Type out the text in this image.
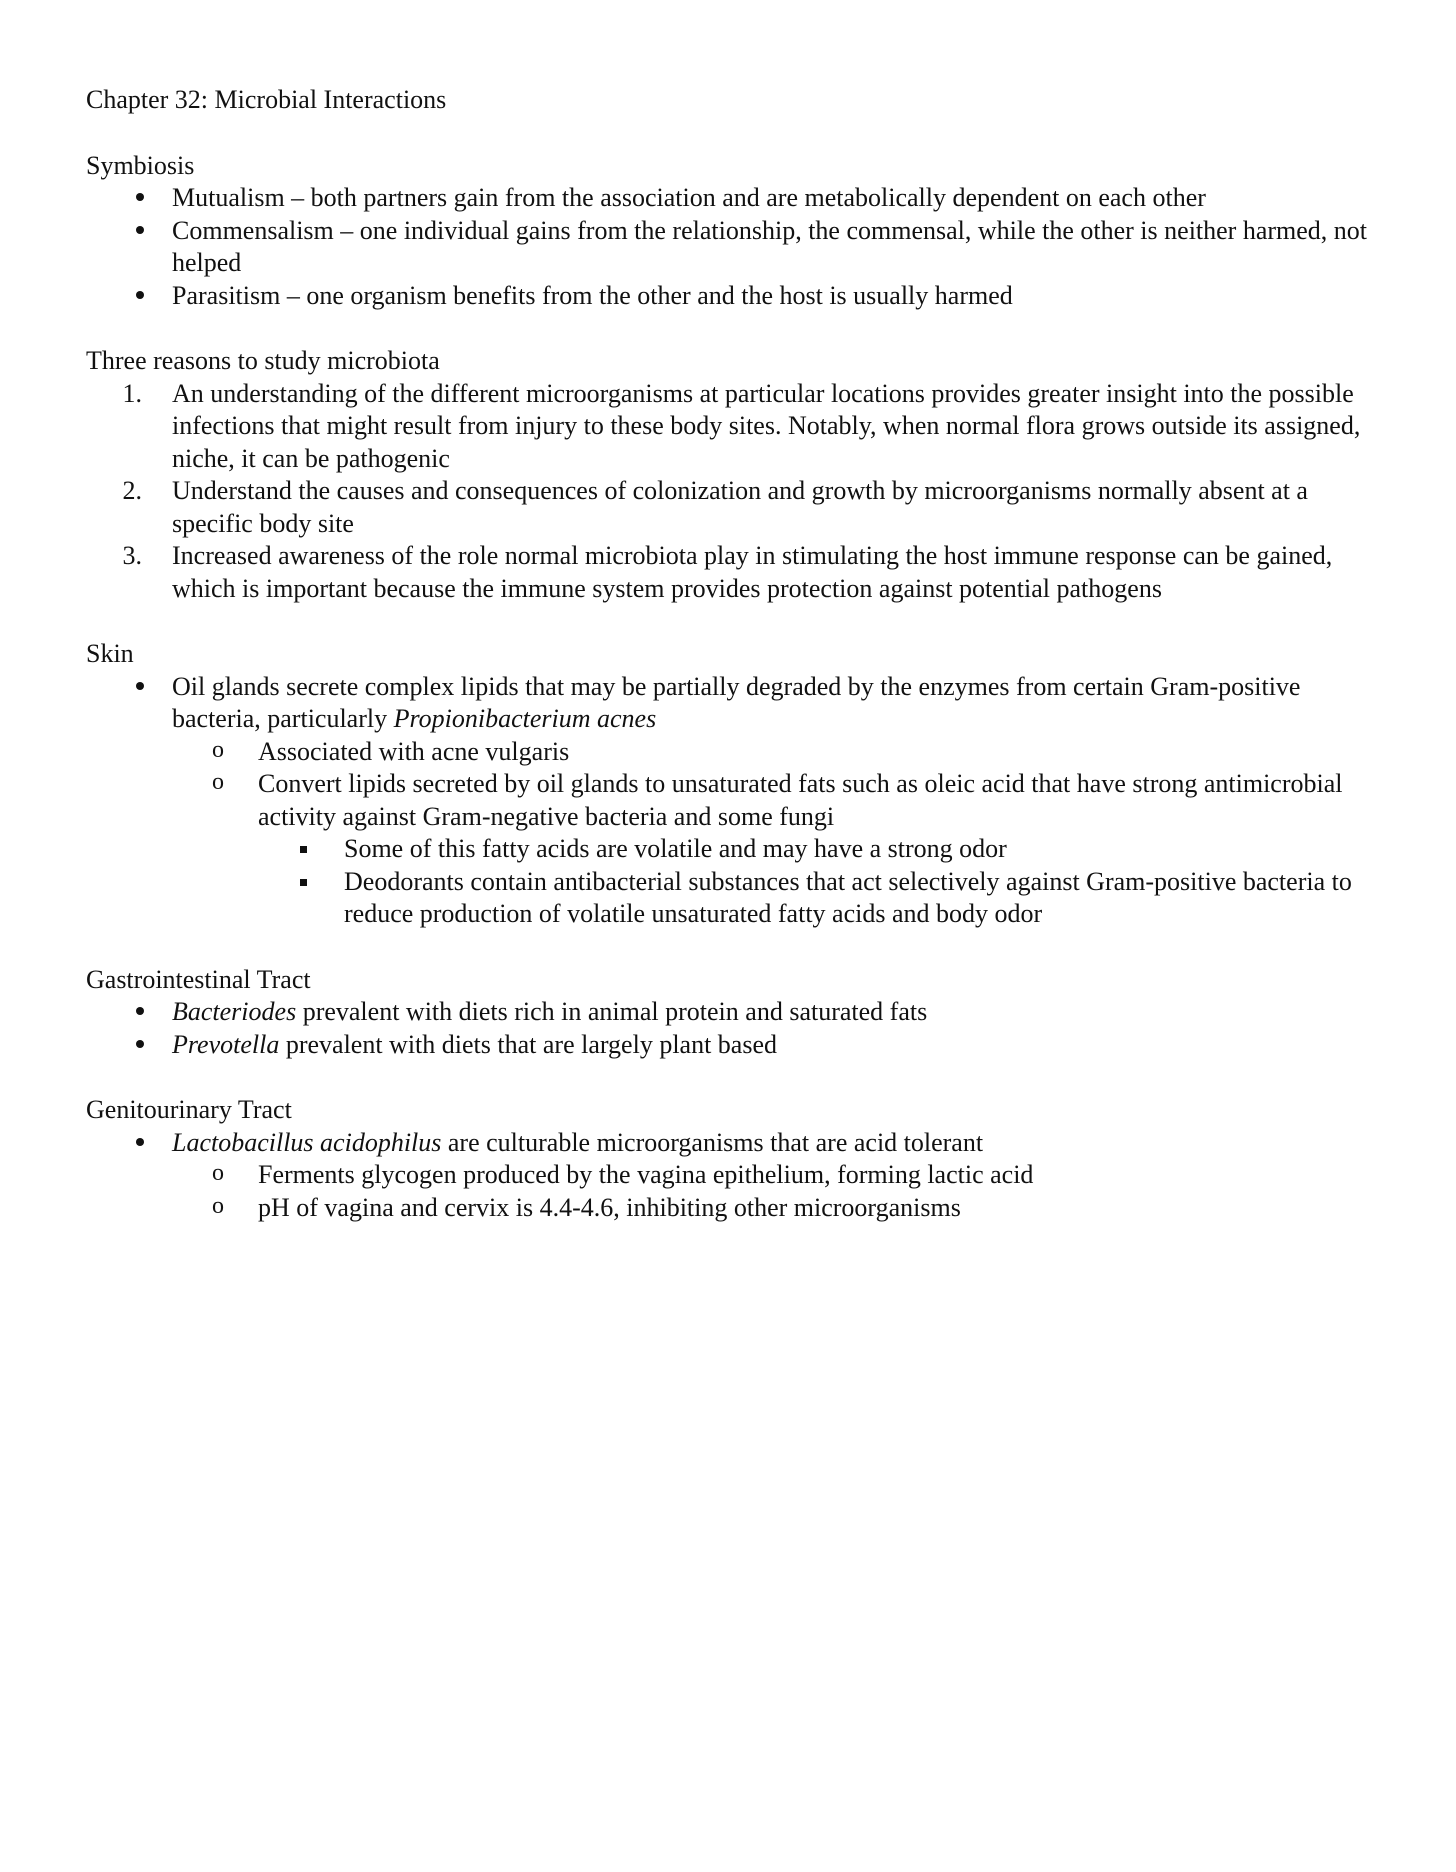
Chapter 32: Microbial Interactions
Symbiosis
Mutualism – both partners gain from the association and are metabolically dependent on each other
Commensalism – one individual gains from the relationship, the commensal, while the other is neither harmed, not helped
Parasitism – one organism benefits from the other and the host is usually harmed
Three reasons to study microbiota
1. An understanding of the different microorganisms at particular locations provides greater insight into the possible infections that might result from injury to these body sites. Notably, when normal flora grows outside its assigned, niche, it can be pathogenic
2. Understand the causes and consequences of colonization and growth by microorganisms normally absent at a specific body site
3. Increased awareness of the role normal microbiota play in stimulating the host immune response can be gained, which is important because the immune system provides protection against potential pathogens
Skin
Oil glands secrete complex lipids that may be partially degraded by the enzymes from certain Gram-positive bacteria, particularly Propionibacterium acnes
o Associated with acne vulgaris
o Convert lipids secreted by oil glands to unsaturated fats such as oleic acid that have strong antimicrobial activity against Gram-negative bacteria and some fungi
Some of this fatty acids are volatile and may have a strong odor
Deodorants contain antibacterial substances that act selectively against Gram-positive bacteria to reduce production of volatile unsaturated fatty acids and body odor
Gastrointestinal Tract
Bacteriodes prevalent with diets rich in animal protein and saturated fats
Prevotella prevalent with diets that are largely plant based
Genitourinary Tract
Lactobacillus acidophilus are culturable microorganisms that are acid tolerant
o Ferments glycogen produced by the vagina epithelium, forming lactic acid
o pH of vagina and cervix is 4.4-4.6, inhibiting other microorganisms
